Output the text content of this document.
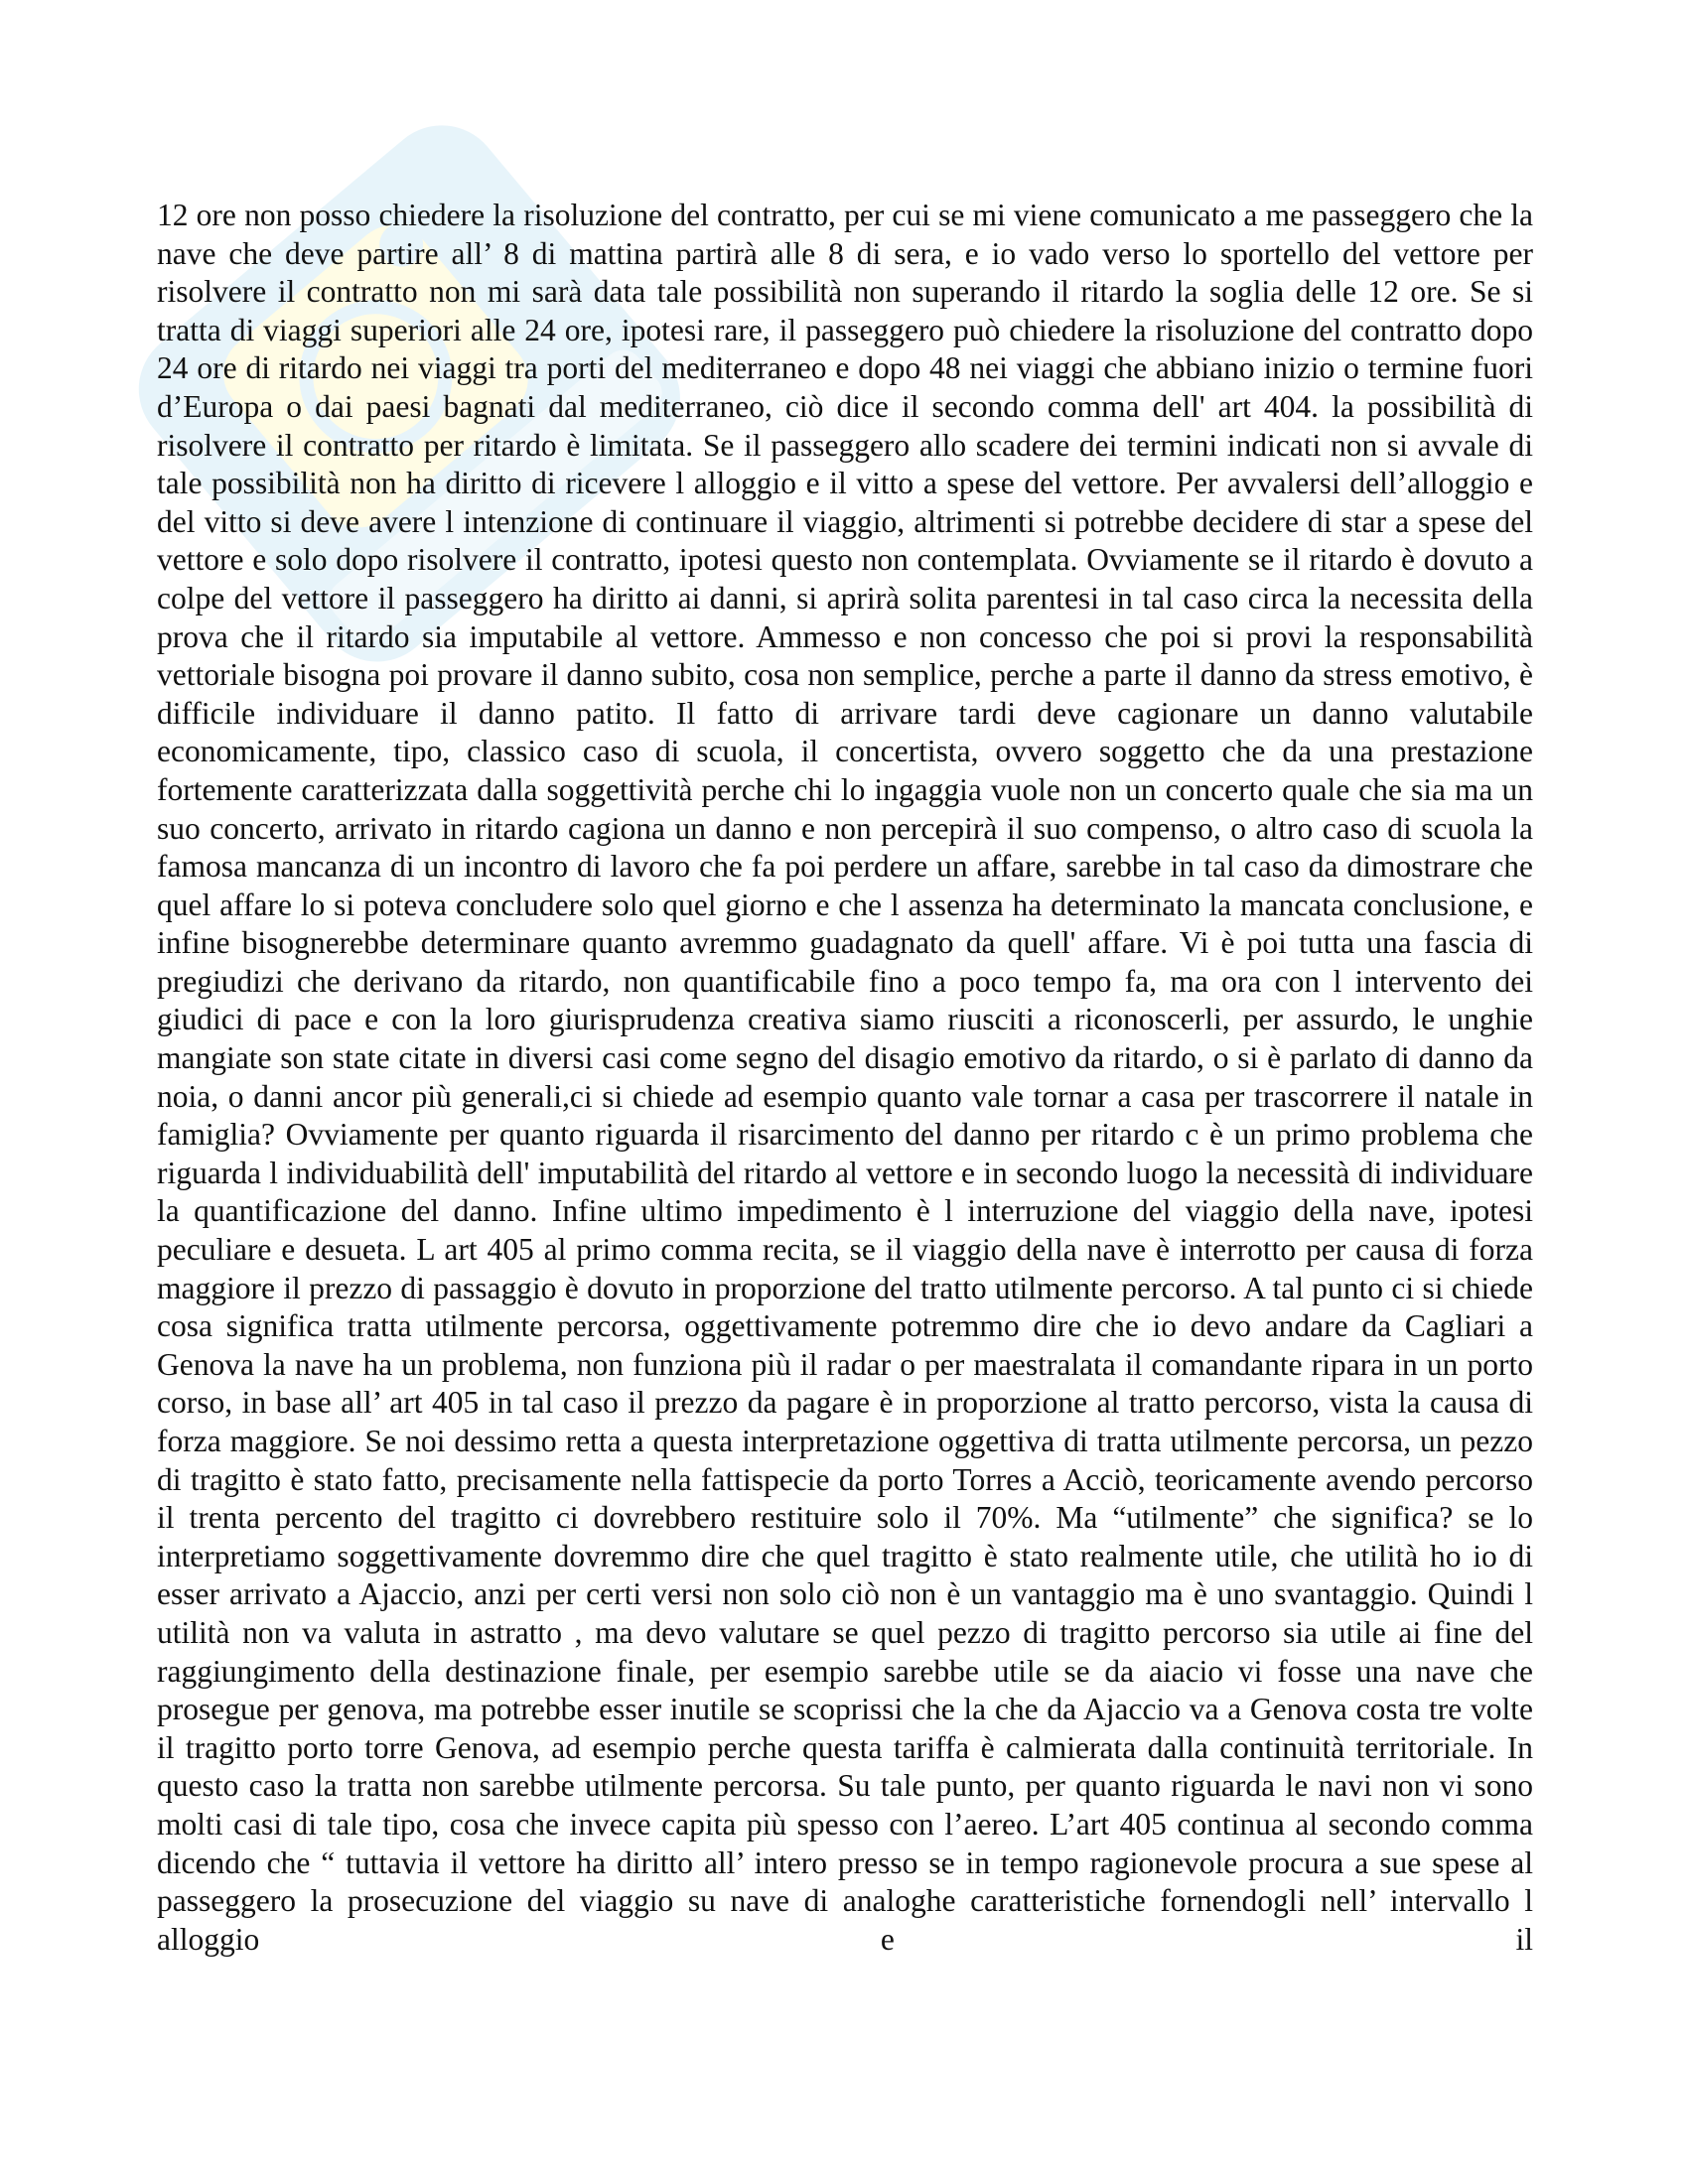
12 ore non posso chiedere la risoluzione del contratto, per cui se mi viene comunicato a me passeggero che la nave che deve partire all’ 8 di mattina partirà alle 8 di sera, e io vado verso lo sportello del vettore per risolvere il contratto non mi sarà data tale possibilità non superando il ritardo la soglia delle 12 ore. Se si tratta di viaggi superiori alle 24 ore, ipotesi rare, il passeggero può chiedere la risoluzione del contratto dopo 24 ore di ritardo nei viaggi tra porti del mediterraneo e dopo 48 nei viaggi che abbiano inizio o termine fuori d’Europa o dai paesi bagnati dal mediterraneo, ciò dice il secondo comma dell' art 404. la possibilità di risolvere il contratto per ritardo è limitata. Se il passeggero allo scadere dei termini indicati non si avvale di tale possibilità non ha diritto di ricevere l alloggio e il vitto a spese del vettore. Per avvalersi dell’alloggio e del vitto si deve avere l intenzione di continuare il viaggio, altrimenti si potrebbe decidere di star a spese del vettore e solo dopo risolvere il contratto, ipotesi questo non contemplata. Ovviamente se il ritardo è dovuto a colpe del vettore il passeggero ha diritto ai danni, si aprirà solita parentesi in tal caso circa la necessita della prova che il ritardo sia imputabile al vettore. Ammesso e non concesso che poi si provi la responsabilità vettoriale bisogna poi provare il danno subito, cosa non semplice, perche a parte il danno da stress emotivo, è difficile individuare il danno patito. Il fatto di arrivare tardi deve cagionare un danno valutabile economicamente, tipo, classico caso di scuola, il concertista, ovvero soggetto che da una prestazione fortemente caratterizzata dalla soggettività perche chi lo ingaggia vuole non un concerto quale che sia ma un suo concerto, arrivato in ritardo cagiona un danno e non percepirà il suo compenso, o altro caso di scuola la famosa mancanza di un incontro di lavoro che fa poi perdere un affare, sarebbe in tal caso da dimostrare che quel affare lo si poteva concludere solo quel giorno e che l assenza ha determinato la mancata conclusione, e infine bisognerebbe determinare quanto avremmo guadagnato da quell' affare. Vi è poi tutta una fascia di pregiudizi che derivano da ritardo, non quantificabile fino a poco tempo fa, ma ora con l intervento dei giudici di pace e con la loro giurisprudenza creativa siamo riusciti a riconoscerli, per assurdo, le unghie mangiate son state citate in diversi casi come segno del disagio emotivo da ritardo, o si è parlato di danno da noia, o danni ancor più generali,ci si chiede ad esempio quanto vale tornar a casa per trascorrere il natale in famiglia? Ovviamente per quanto riguarda il risarcimento del danno per ritardo c è un primo problema che riguarda l individuabilità dell' imputabilità del ritardo al vettore e in secondo luogo la necessità di individuare la quantificazione del danno. Infine ultimo impedimento è l interruzione del viaggio della nave, ipotesi peculiare e desueta. L art 405 al primo comma recita, se il viaggio della nave è interrotto per causa di forza maggiore il prezzo di passaggio è dovuto in proporzione del tratto utilmente percorso. A tal punto ci si chiede cosa significa tratta utilmente percorsa, oggettivamente potremmo dire che io devo andare da Cagliari a Genova la nave ha un problema, non funziona più il radar o per maestralata il comandante ripara in un porto corso, in base all’ art 405 in tal caso il prezzo da pagare è in proporzione al tratto percorso, vista la causa di forza maggiore. Se noi dessimo retta a questa interpretazione oggettiva di tratta utilmente percorsa, un pezzo di tragitto è stato fatto, precisamente nella fattispecie da porto Torres a Acciò, teoricamente avendo percorso il trenta percento del tragitto ci dovrebbero restituire solo il 70%. Ma “utilmente” che significa? se lo interpretiamo soggettivamente dovremmo dire che quel tragitto è stato realmente utile, che utilità ho io di esser arrivato a Ajaccio, anzi per certi versi non solo ciò non è un vantaggio ma è uno svantaggio. Quindi l utilità non va valuta in astratto , ma devo valutare se quel pezzo di tragitto percorso sia utile ai fine del raggiungimento della destinazione finale, per esempio sarebbe utile se da aiacio vi fosse una nave che prosegue per genova, ma potrebbe esser inutile se scoprissi che la che da Ajaccio va a Genova costa tre volte il tragitto porto torre Genova, ad esempio perche questa tariffa è calmierata dalla continuità territoriale. In questo caso la tratta non sarebbe utilmente percorsa. Su tale punto, per quanto riguarda le navi non vi sono molti casi di tale tipo, cosa che invece capita più spesso con l’aereo. L’art 405 continua al secondo comma dicendo che “ tuttavia il vettore ha diritto all’ intero presso se in tempo ragionevole procura a sue spese al passeggero la prosecuzione del viaggio su nave di analoghe caratteristiche fornendogli nell’ intervallo l alloggio e il
